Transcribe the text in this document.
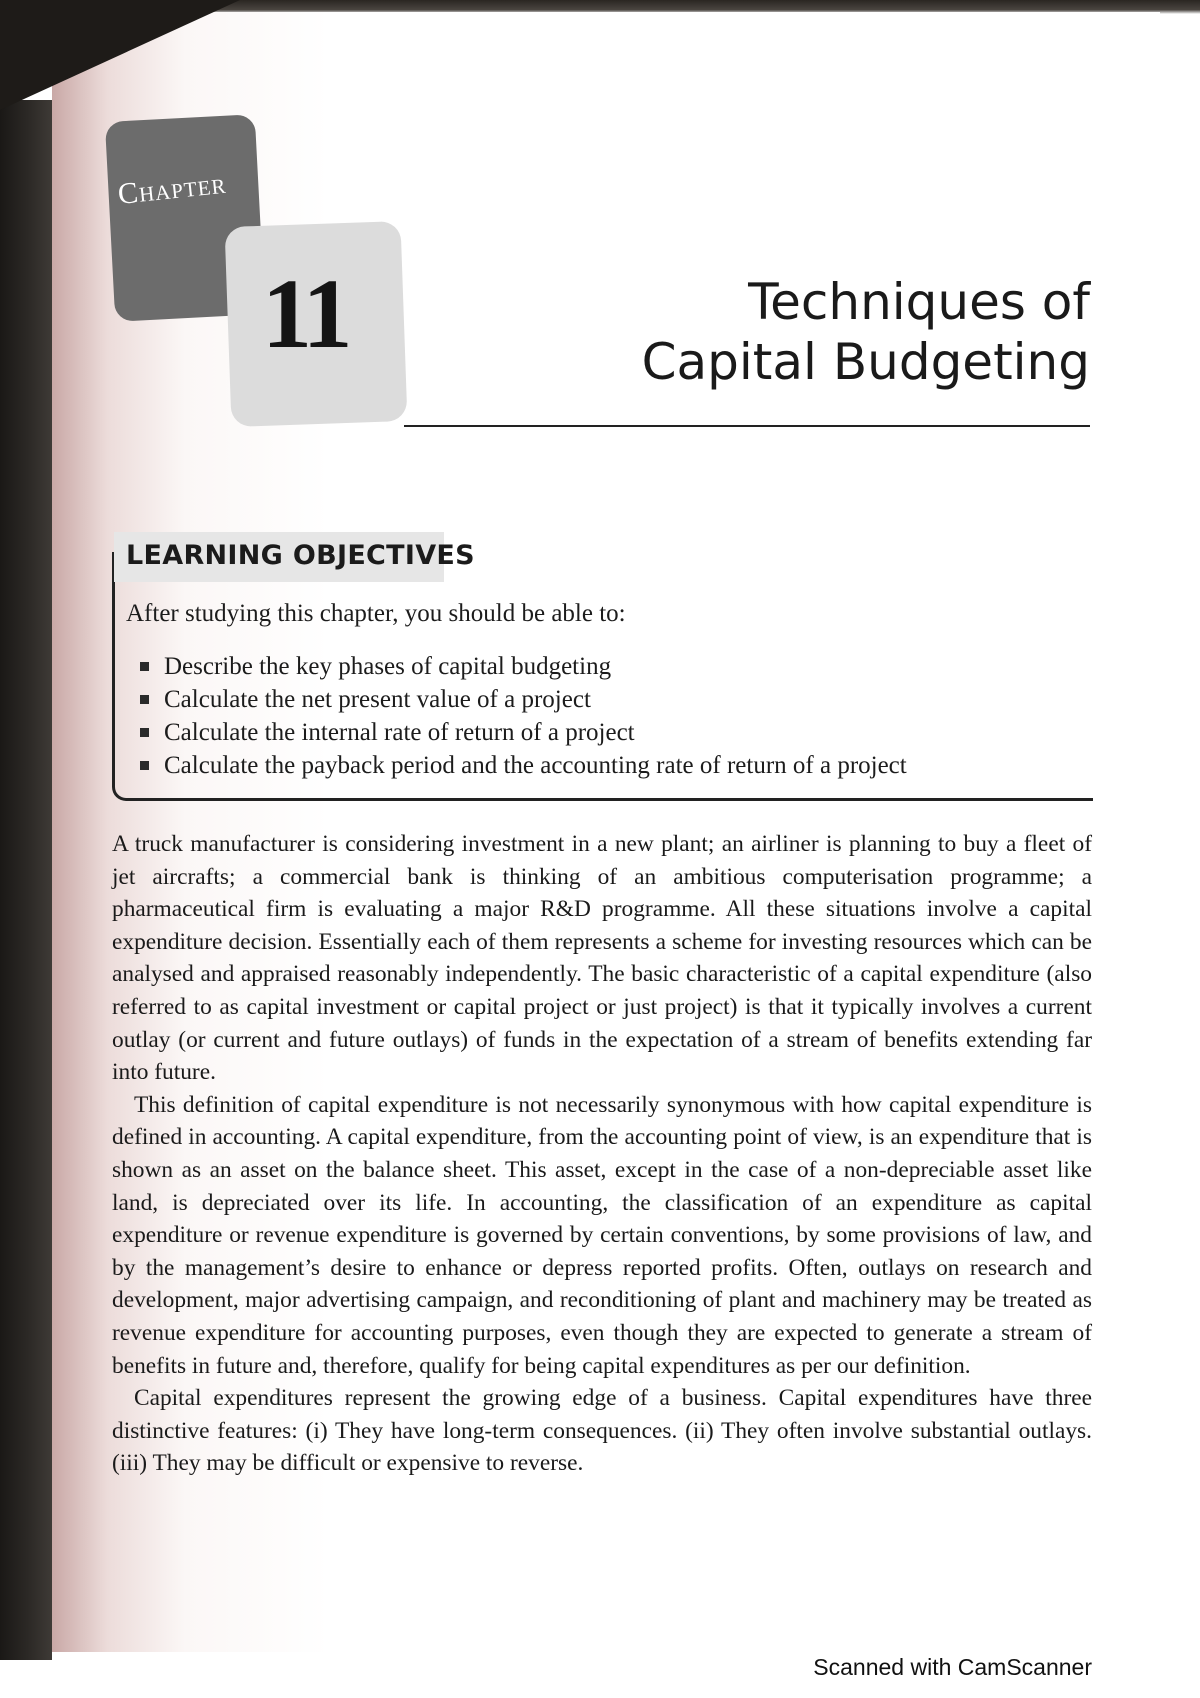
Chapter
11	Techniques of
Capital Budgeting
LEARNING OBJECTIVES
After studying this chapter, you should be able to:
Describe the key phases of capital budgeting
Calculate the net present value of a project
Calculate the internal rate of return of a project
Calculate the payback period and the accounting rate of return of a project

A truck manufacturer is considering investment in a new plant; an airliner is planning to buy a fleet of jet aircrafts; a commercial bank is thinking of an ambitious computerisation programme; a pharmaceutical firm is evaluating a major R&D programme. All these situations involve a capital expenditure decision. Essentially each of them represents a scheme for investing resources which can be analysed and appraised reasonably independently. The basic characteristic of a capital expenditure (also referred to as capital investment or capital project or just project) is that it typically involves a current outlay (or current and future outlays) of funds in the expectation of a stream of benefits extending far into future.

This definition of capital expenditure is not necessarily synonymous with how capital expenditure is defined in accounting. A capital expenditure, from the accounting point of view, is an expenditure that is shown as an asset on the balance sheet. This asset, except in the case of a non-depreciable asset like land, is depreciated over its life. In accounting, the classification of an expenditure as capital expenditure or revenue expenditure is governed by certain conventions, by some provisions of law, and by the management’s desire to enhance or depress reported profits. Often, outlays on research and development, major advertising campaign, and reconditioning of plant and machinery may be treated as revenue expenditure for accounting purposes, even though they are expected to generate a stream of benefits in future and, therefore, qualify for being capital expenditures as per our definition.

Capital expenditures represent the growing edge of a business. Capital expenditures have three distinctive features: (i) They have long-term consequences. (ii) They often involve substantial outlays. (iii) They may be difficult or expensive to reverse.

Scanned with CamScanner
